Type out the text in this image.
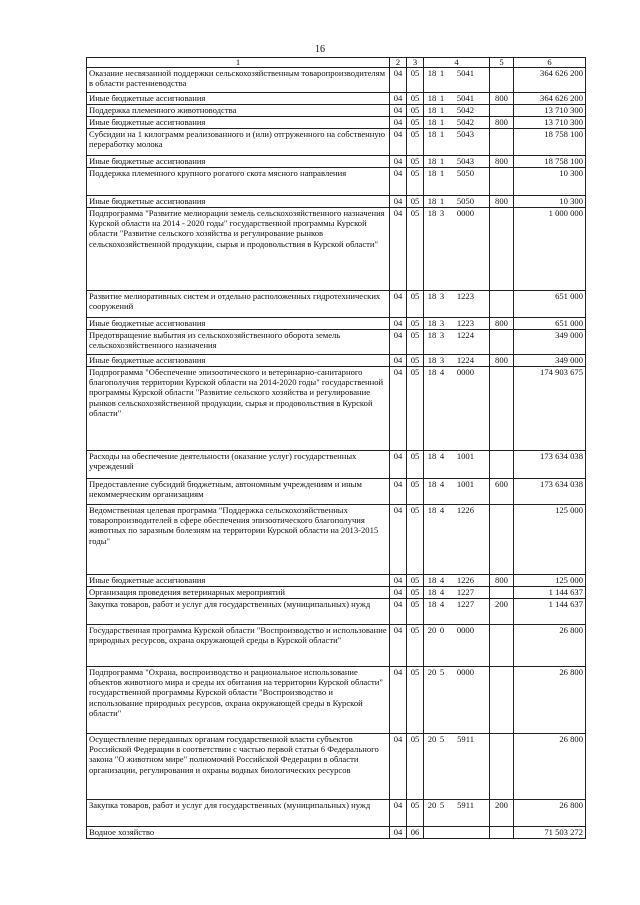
16
1	2	3	4	5	6
Оказание несвязанной поддержки сельскохозяйственным товаропроизводителям в области растениеводства	04	05	18 1 5041		364 626 200
Иные бюджетные ассигнования	04	05	18 1 5041	800	364 626 200
Поддержка племенного животноводства	04	05	18 1 5042		13 710 300
Иные бюджетные ассигнования	04	05	18 1 5042	800	13 710 300
Субсидии на 1 килограмм реализованного и (или) отгруженного на собственную переработку молока	04	05	18 1 5043		18 758 100
Иные бюджетные ассигнования	04	05	18 1 5043	800	18 758 100
Поддержка племенного крупного рогатого скота мясного направления	04	05	18 1 5050		10 300
Иные бюджетные ассигнования	04	05	18 1 5050	800	10 300
Подпрограмма "Развитие мелиорации земель сельскохозяйственного назначения Курской области на 2014 - 2020 годы" государственной программы Курской области "Развитие сельского хозяйства и регулирование рынков сельскохозяйственной продукции, сырья и продовольствия в Курской области"	04	05	18 3 0000		1 000 000
Развитие мелиоративных систем и отдельно расположенных гидротехнических сооружений	04	05	18 3 1223		651 000
Иные бюджетные ассигнования	04	05	18 3 1223	800	651 000
Предотвращение выбытия из сельскохозяйственного оборота земель сельскохозяйственного назначения	04	05	18 3 1224		349 000
Иные бюджетные ассигнования	04	05	18 3 1224	800	349 000
Подпрограмма "Обеспечение эпизоотического и ветеринарно-санитарного благополучия территории Курской области на 2014-2020 годы" государственной программы Курской области "Развитие сельского хозяйства и регулирование рынков сельскохозяйственной продукции, сырья и продовольствия в Курской области"	04	05	18 4 0000		174 903 675
Расходы на обеспечение деятельности (оказание услуг) государственных учреждений	04	05	18 4 1001		173 634 038
Предоставление субсидий бюджетным, автономным учреждениям и иным некоммерческим организациям	04	05	18 4 1001	600	173 634 038
Ведомственная целевая программа "Поддержка сельскохозяйственных товаропроизводителей в сфере обеспечения эпизоотического благополучия животных по заразным болезням на территории Курской области на 2013-2015 годы"	04	05	18 4 1226		125 000
Иные бюджетные ассигнования	04	05	18 4 1226	800	125 000
Организация проведения ветеринарных мероприятий	04	05	18 4 1227		1 144 637
Закупка товаров, работ и услуг для государственных (муниципальных) нужд	04	05	18 4 1227	200	1 144 637
Государственная программа Курской области "Воспроизводство и использование природных ресурсов, охрана окружающей среды в Курской области"	04	05	20 0 0000		26 800
Подпрограмма "Охрана, воспроизводство и рациональное использование объектов животного мира и среды их обитания на территории Курской области" государственной программы Курской области "Воспроизводство и использование природных ресурсов, охрана окружающей среды в Курской области"	04	05	20 5 0000		26 800
Осуществление переданных органам государственной власти субъектов Российской Федерации в соответствии с частью первой статьи 6 Федерального закона "О животном мире" полномочий Российской Федерации в области организации, регулирования и охраны водных биологических ресурсов	04	05	20 5 5911		26 800
Закупка товаров, работ и услуг для государственных (муниципальных) нужд	04	05	20 5 5911	200	26 800
Водное хозяйство	04	06			71 503 272
